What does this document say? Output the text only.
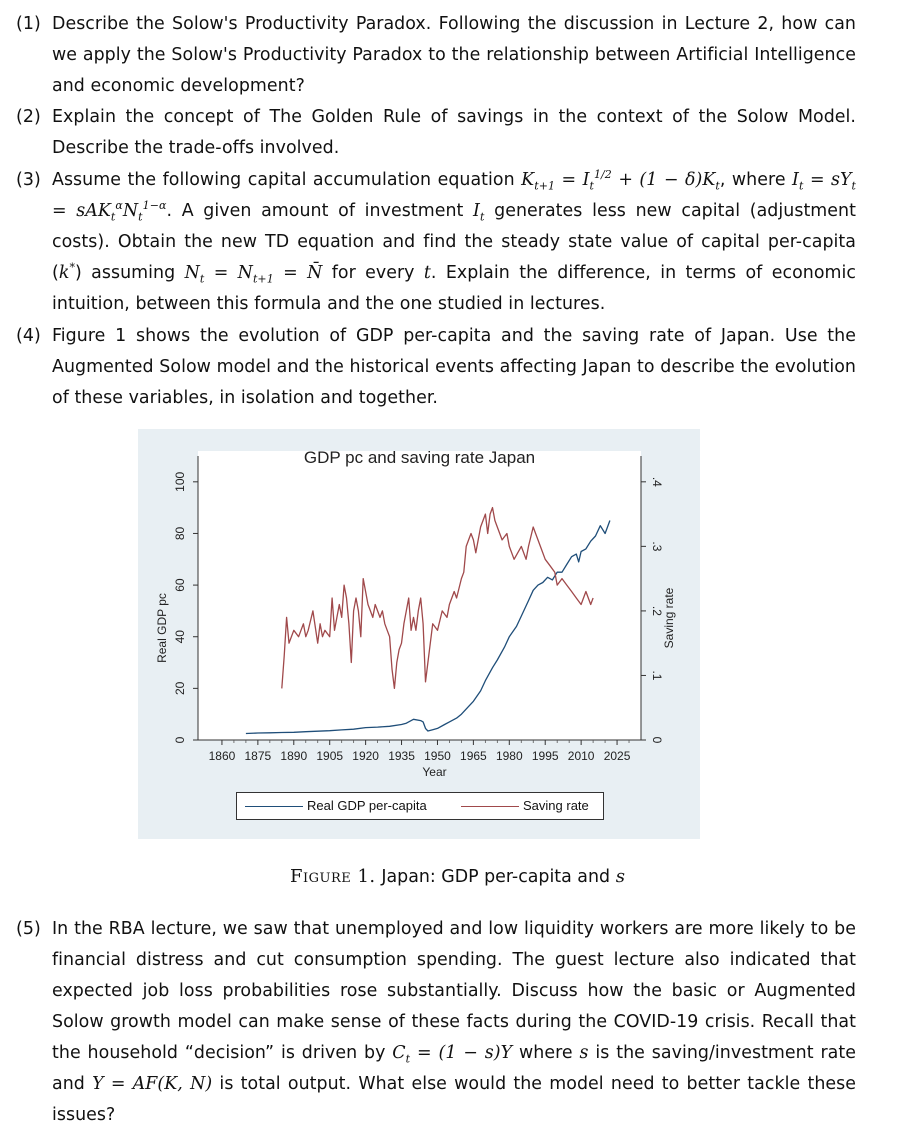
(1) Describe the Solow's Productivity Paradox. Following the discussion in Lecture 2, how can we apply the Solow's Productivity Paradox to the relationship between Artificial Intelligence and economic development?
(2) Explain the concept of The Golden Rule of savings in the context of the Solow Model. Describe the trade-offs involved.
(3) Assume the following capital accumulation equation $K_{t+1} = I_t^{1/2} + (1 - \delta)K_t$, where $I_t = sY_t = sAK_t^\alpha N_t^{1-\alpha}$. A given amount of investment $I_t$ generates less new capital (adjustment costs). Obtain the new TD equation and find the steady state value of capital per-capita (k*) assuming $N_t = N_{t+1}$ = N̄ for every t. Explain the difference, in terms of economic intuition, between this formula and the one studied in lectures.
(4) Figure 1 shows the evolution of GDP per-capita and the saving rate of Japan. Use the Augmented Solow model and the historical events affecting Japan to describe the evolution of these variables, in isolation and together.
GDP pc and saving rate Japan
1860 1875 1890 1905 1920 1935 1950 1965 1980 1995 2010 2025
Year
0
20
40
60
80
100
Real GDP pc
0
.1
.2
.3
.4
Saving rate
Real GDP per-capita	Saving rate
Figure 1. Japan: GDP per-capita and s
(5) In the RBA lecture, we saw that unemployed and low liquidity workers are more likely to be financial distress and cut consumption spending. The guest lecture also indicated that expected job loss probabilities rose substantially. Discuss how the basic or Augmented Solow growth model can make sense of these facts during the COVID-19 crisis. Recall that the household “decision” is driven by $C_t = (1 - s)Y$ where s is the saving/investment rate and Y = AF(K, N) is total output. What else would the model need to better tackle these issues?
